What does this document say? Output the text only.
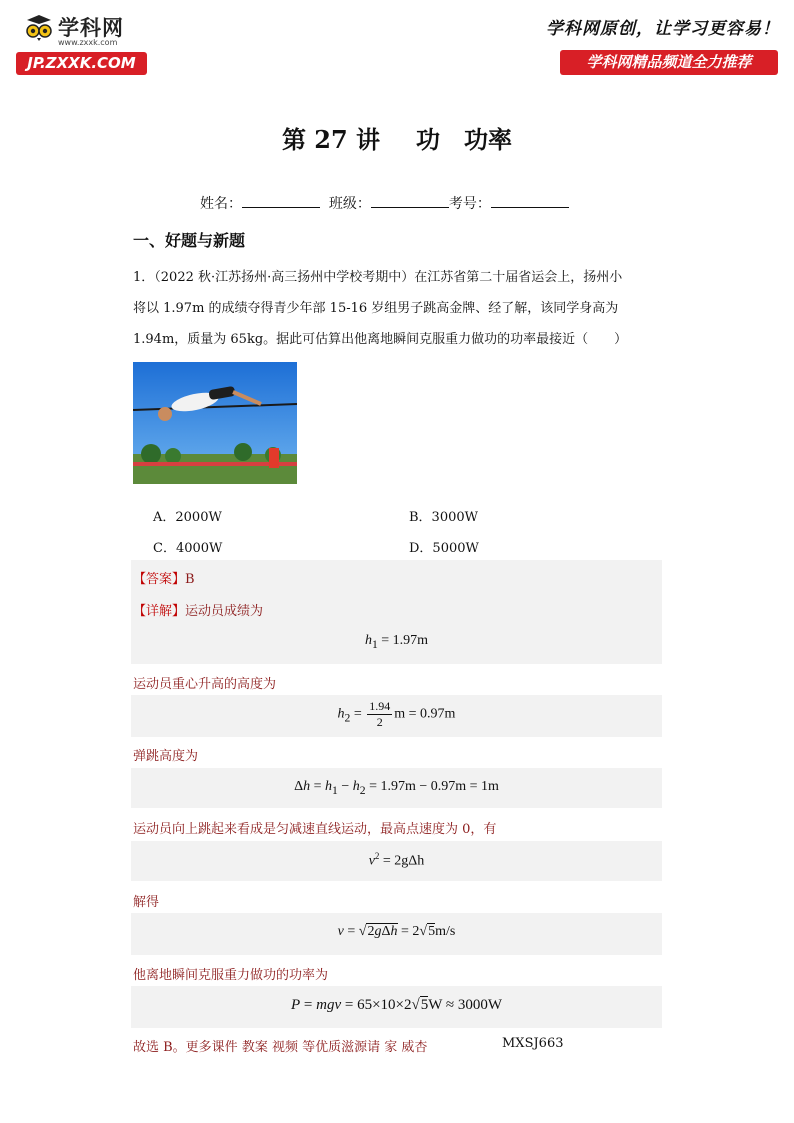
学科网
www.zxxk.com
JP.ZXXK.COM
学科网原创，让学习更容易！
学科网精品频道全力推荐
第 27 讲 功　功率
姓名：	班级：	考号：
一、好题与新题
1．（2022 秋·江苏扬州·高三扬州中学校考期中）在江苏省第二十届省运会上，扬州小
将以 1.97m 的成绩夺得青少年部 15-16 岁组男子跳高金牌、经了解，该同学身高为
1.94m，质量为 65kg。据此可估算出他离地瞬间克服重力做功的功率最接近（　　）
A．2000W	B．3000W
C．4000W	D．5000W
【答案】B
【详解】运动员成绩为
$h_1 = 1.97m$
运动员重心升高的高度为
$h_2 = \frac{1.94}{2}$ m = 0.97m
弹跳高度为
$\Delta h = h_1 - h_2 = 1.97m - 0.97m = 1m$
运动员向上跳起来看成是匀减速直线运动，最高点速度为 0，有
$v^2 = 2g\Delta h$
解得
v = √2gΔh = 2√5m/s
他离地瞬间克服重力做功的功率为
P = mgv = 65×10×2√5W ≈ 3000W
故选 B。更多课件 教案 视频 等优质滋源请 家 威杏	MXSJ663
